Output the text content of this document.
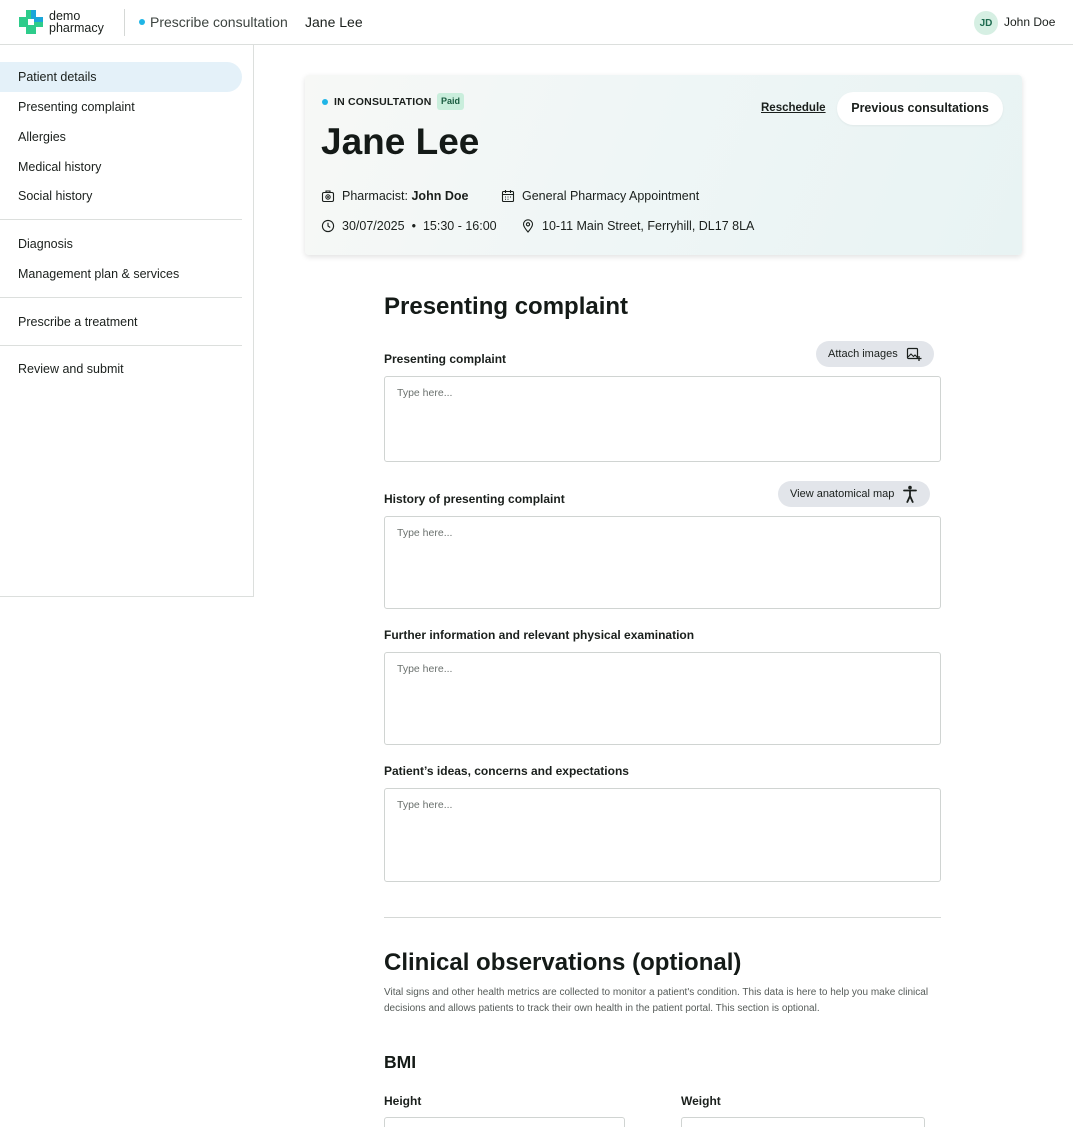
demo
pharmacy	Prescribe consultation Jane Lee	JD John Doe
Patient details
Presenting complaint
Allergies
Medical history
Social history
Diagnosis
Management plan & services
Prescribe a treatment
Review and submit
IN CONSULTATION	Paid
Jane Lee
Reschedule	Previous consultations
Pharmacist:
John Doe	General Pharmacy Appointment
30/07/2025 • 15:30 - 16:00	10-11 Main Street, Ferryhill, DL17 8LA
Presenting complaint
Presenting complaint	Attach images
Type here...
History of presenting complaint	View anatomical map
Type here...
Further information and relevant physical examination
Type here...
Patient’s ideas, concerns and expectations
Type here...
Clinical observations (optional)
Vital signs and other health metrics are collected to monitor a patient's condition. This data is here to help you make clinical decisions and allows patients to track their own health in the patient portal. This section is optional.
BMI
Height	Weight
